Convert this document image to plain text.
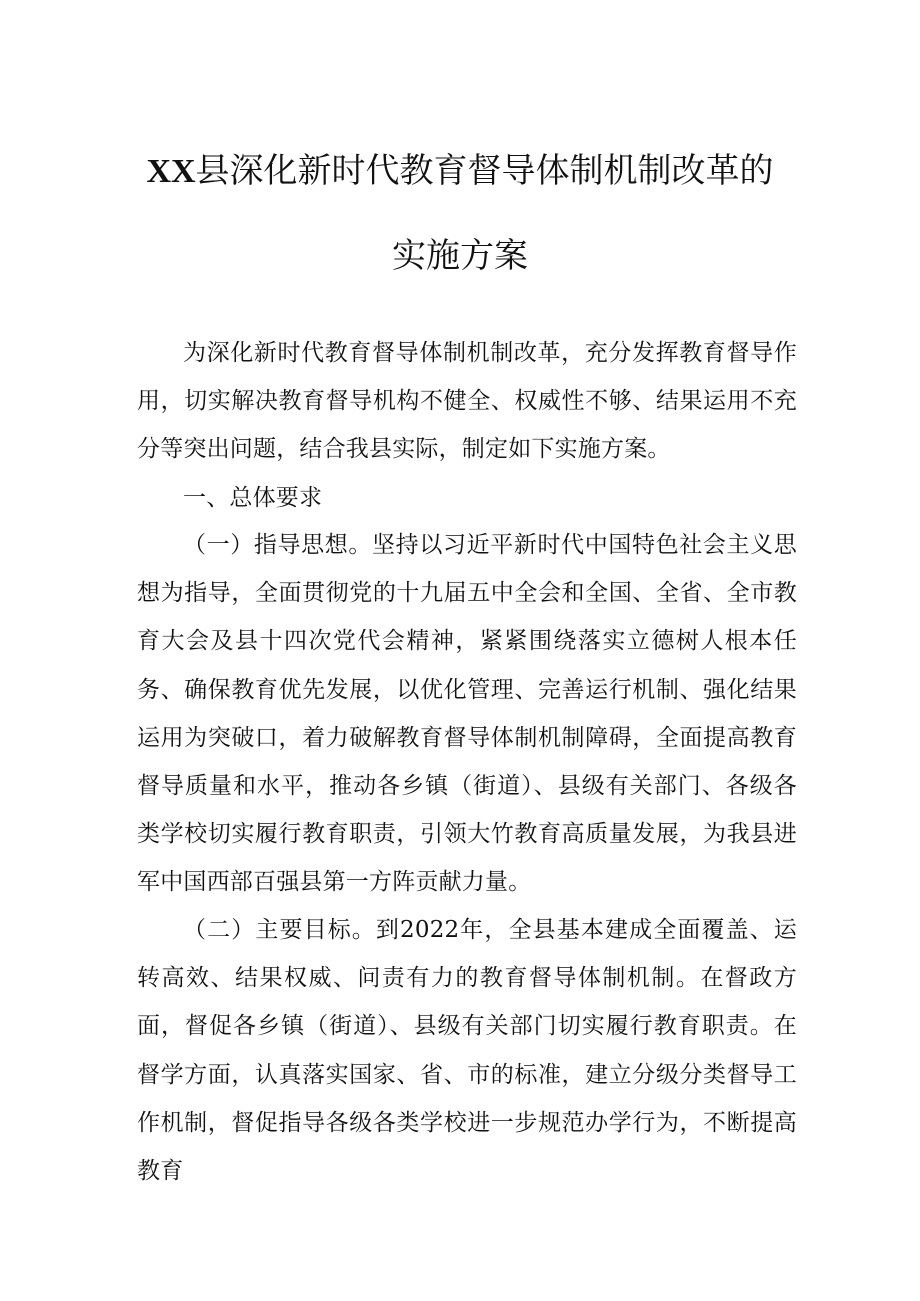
XX县深化新时代教育督导体制机制改革的
实施方案

为深化新时代教育督导体制机制改革，充分发挥教育督导作用，切实解决教育督导机构不健全、权威性不够、结果运用不充分等突出问题，结合我县实际，制定如下实施方案。

一、总体要求

（一）指导思想。坚持以习近平新时代中国特色社会主义思想为指导，全面贯彻党的十九届五中全会和全国、全省、全市教育大会及县十四次党代会精神，紧紧围绕落实立德树人根本任务、确保教育优先发展，以优化管理、完善运行机制、强化结果运用为突破口，着力破解教育督导体制机制障碍，全面提高教育督导质量和水平，推动各乡镇（街道）、县级有关部门、各级各类学校切实履行教育职责，引领大竹教育高质量发展，为我县进军中国西部百强县第一方阵贡献力量。

（二）主要目标。到2022年，全县基本建成全面覆盖、运转高效、结果权威、问责有力的教育督导体制机制。在督政方面，督促各乡镇（街道）、县级有关部门切实履行教育职责。在督学方面，认真落实国家、省、市的标准，建立分级分类督导工作机制，督促指导各级各类学校进一步规范办学行为，不断提高教育
